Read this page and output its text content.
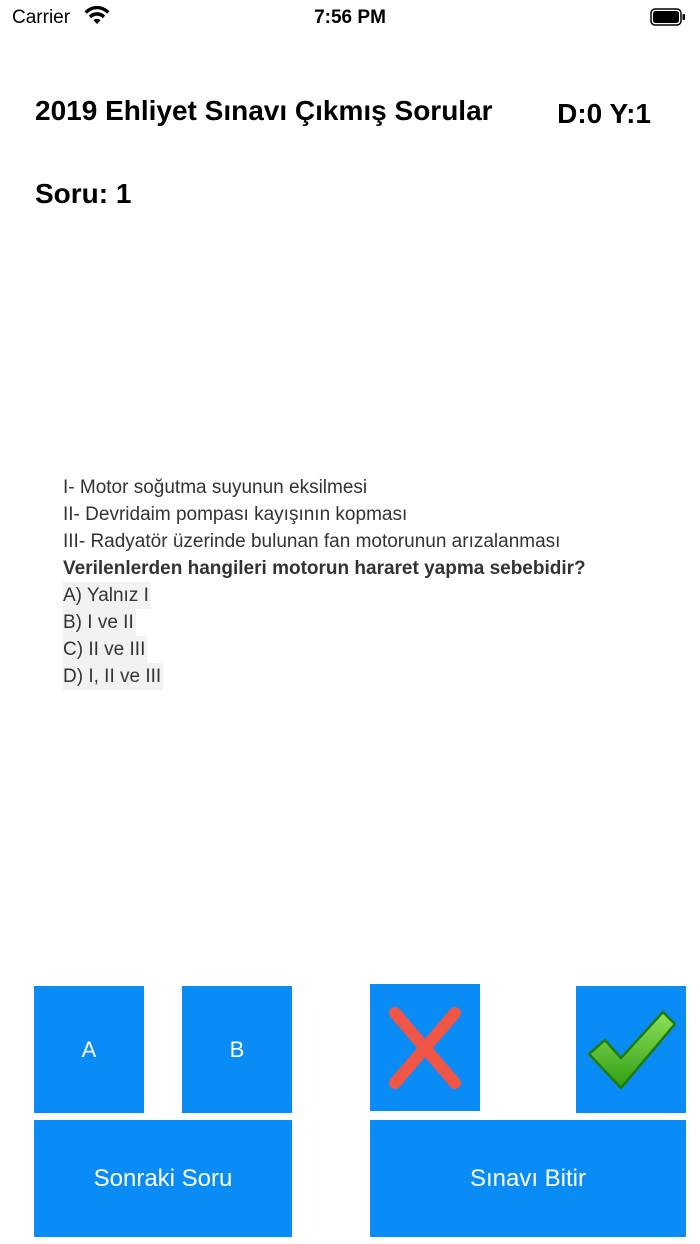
Carrier	7:56 PM
2019 Ehliyet Sınavı Çıkmış Sorular D:0 Y:1
Soru: 1
I- Motor soğutma suyunun eksilmesi
II- Devridaim pompası kayışının kopması
III- Radyatör üzerinde bulunan fan motorunun arızalanması
Verilenlerden hangileri motorun hararet yapma sebebidir?
A) Yalnız I
B) I ve II
C) II ve III
D) I, II ve III
A	B
Sonraki Soru	Sınavı Bitir
